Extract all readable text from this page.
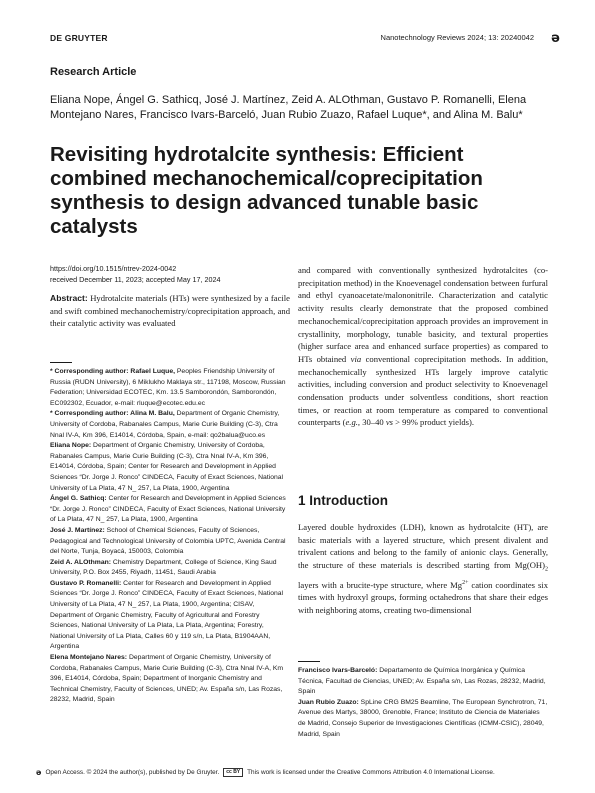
DE GRUYTER	Nanotechnology Reviews 2024; 13: 20240042 ə
Research Article
Eliana Nope, Ángel G. Sathicq, José J. Martínez, Zeid A. ALOthman, Gustavo P. Romanelli, Elena Montejano Nares, Francisco Ivars-Barceló, Juan Rubio Zuazo, Rafael Luque*, and Alina M. Balu*
Revisiting hydrotalcite synthesis: Efficient combined mechanochemical/coprecipitation synthesis to design advanced tunable basic catalysts
https://doi.org/10.1515/ntrev-2024-0042
received December 11, 2023; accepted May 17, 2024
Abstract: Hydrotalcite materials (HTs) were synthesized by a facile and swift combined mechanochemistry/coprecipitation approach, and their catalytic activity was evaluated
* Corresponding author: Rafael Luque, Peoples Friendship University of Russia (RUDN University), 6 Miklukho Maklaya str., 117198, Moscow, Russian Federation; Universidad ECOTEC, Km. 13.5 Samborondón, Samborondón, EC092302, Ecuador, e-mail: rluque@ecotec.edu.ec
* Corresponding author: Alina M. Balu, Department of Organic Chemistry, University of Cordoba, Rabanales Campus, Marie Curie Building (C-3), Ctra Nnal IV-A, Km 396, E14014, Córdoba, Spain, e-mail: qo2balua@uco.es
Eliana Nope: Department of Organic Chemistry, University of Cordoba, Rabanales Campus, Marie Curie Building (C-3), Ctra Nnal IV-A, Km 396, E14014, Córdoba, Spain; Center for Research and Development in Applied Sciences “Dr. Jorge J. Ronco” CINDECA, Faculty of Exact Sciences, National University of La Plata, 47 N_ 257, La Plata, 1900, Argentina
Ángel G. Sathicq: Center for Research and Development in Applied Sciences “Dr. Jorge J. Ronco” CINDECA, Faculty of Exact Sciences, National University of La Plata, 47 N_ 257, La Plata, 1900, Argentina
José J. Martínez: School of Chemical Sciences, Faculty of Sciences, Pedagogical and Technological University of Colombia UPTC, Avenida Central del Norte, Tunja, Boyacá, 150003, Colombia
Zeid A. ALOthman: Chemistry Department, College of Science, King Saud University, P.O. Box 2455, Riyadh, 11451, Saudi Arabia
Gustavo P. Romanelli: Center for Research and Development in Applied Sciences “Dr. Jorge J. Ronco” CINDECA, Faculty of Exact Sciences, National University of La Plata, 47 N_ 257, La Plata, 1900, Argentina; CISAV, Department of Organic Chemistry, Faculty of Agricultural and Forestry Sciences, National University of La Plata, La Plata, Argentina; Forestry, National University of La Plata, Calles 60 y 119 s/n, La Plata, B1904AAN, Argentina
Elena Montejano Nares: Department of Organic Chemistry, University of Cordoba, Rabanales Campus, Marie Curie Building (C-3), Ctra Nnal IV-A, Km 396, E14014, Córdoba, Spain; Department of Inorganic Chemistry and Technical Chemistry, Faculty of Sciences, UNED; Av. España s/n, Las Rozas, 28232, Madrid, Spain
and compared with conventionally synthesized hydrotalcites (co-precipitation method) in the Knoevenagel condensation between furfural and ethyl cyanoacetate/malononitrile. Characterization and catalytic activity results clearly demonstrate that the proposed combined mechanochemical/coprecipitation approach provides an improvement in crystallinity, morphology, tunable basicity, and textural properties (higher surface area and enhanced surface properties) as compared to HTs obtained via conventional coprecipitation methods. In addition, mechanochemically synthesized HTs largely improve catalytic activities, including conversion and product selectivity to Knoevenagel condensation products under solventless conditions, short reaction times, or reaction at room temperature as compared to conventional counterparts (e.g., 30–40 vs > 99% product yields).
1 Introduction
Layered double hydroxides (LDH), known as hydrotalcite (HT), are basic materials with a layered structure, which present divalent and trivalent cations and belong to the family of anionic clays. Generally, the structure of these materials is described starting from $Mg(OH)_2$ layers with a brucite-type structure, where $Mg^{2+}$ cation coordinates six times with hydroxyl groups, forming octahedrons that share their edges with neighboring atoms, creating two-dimensional
Francisco Ivars-Barceló: Departamento de Química Inorgánica y Química Técnica, Facultad de Ciencias, UNED; Av. España s/n, Las Rozas, 28232, Madrid, Spain
Juan Rubio Zuazo: SpLine CRG BM25 Beamline, The European Synchrotron, 71, Avenue des Martys, 38000, Grenoble, France; Instituto de Ciencia de Materiales de Madrid, Consejo Superior de Investigaciones Científicas (ICMM-CSIC), 28049, Madrid, Spain
ə Open Access. © 2024 the author(s), published by De Gruyter.	cc BY	This work is licensed under the Creative Commons Attribution 4.0 International License.
